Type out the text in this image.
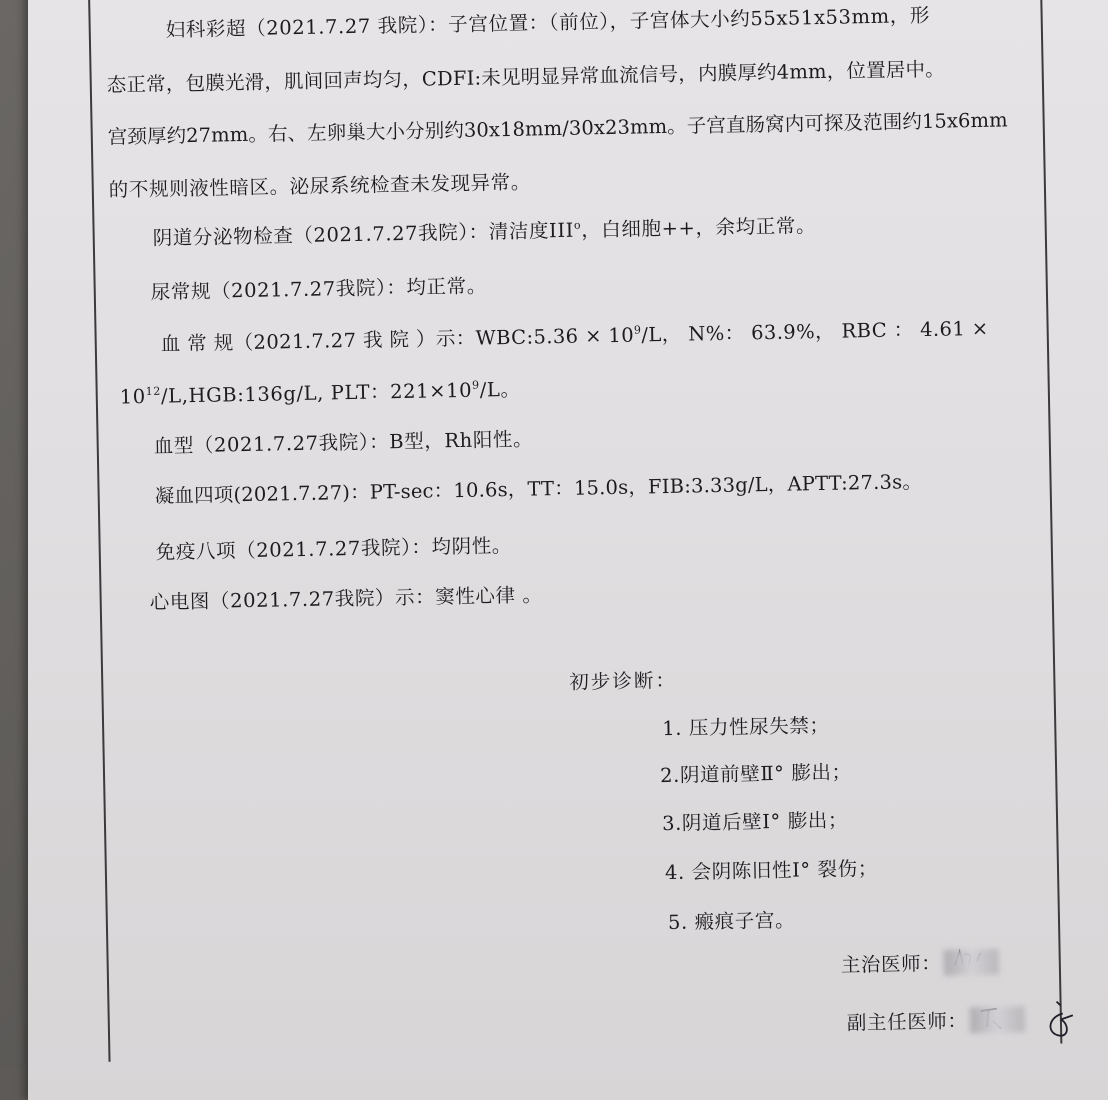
妇科彩超（2021.7.27 我院）：子宫位置：（前位），子宫体大小约55x51x53mm，形
态正常，包膜光滑，肌间回声均匀，CDFI:未见明显异常血流信号，内膜厚约4mm，位置居中。
宫颈厚约27mm。右、左卵巢大小分别约30x18mm/30x23mm。子宫直肠窝内可探及范围约15x6mm
的不规则液性暗区。泌尿系统检查未发现异常。
阴道分泌物检查（2021.7.27我院）：清洁度III$^o$，白细胞++，余均正常。
尿常规（2021.7.27我院）：均正常。
血 常 规（2021.7.27 我 院 ）示：WBC:5.36 × $10^9/L$， N%： 63.9%， RBC ： 4.61 ×
$10^{12}/L,HGB:136g/L$, PLT：$221\times 10^9/L$。
血型（2021.7.27我院）：B型，Rh阳性。
凝血四项(2021.7.27)：PT-sec：10.6s，TT：15.0s，FIB:3.33g/L，APTT:27.3s。
免疫八项（2021.7.27我院）：均阴性。
心电图（2021.7.27我院）示：窦性心律 。
初步诊断：
1. 压力性尿失禁；
2.阴道前壁Ⅱ° 膨出；
3.阴道后壁Ⅰ° 膨出；
4. 会阴陈旧性Ⅰ° 裂伤；
5. 瘢痕子宫。
主治医师：
副主任医师：
